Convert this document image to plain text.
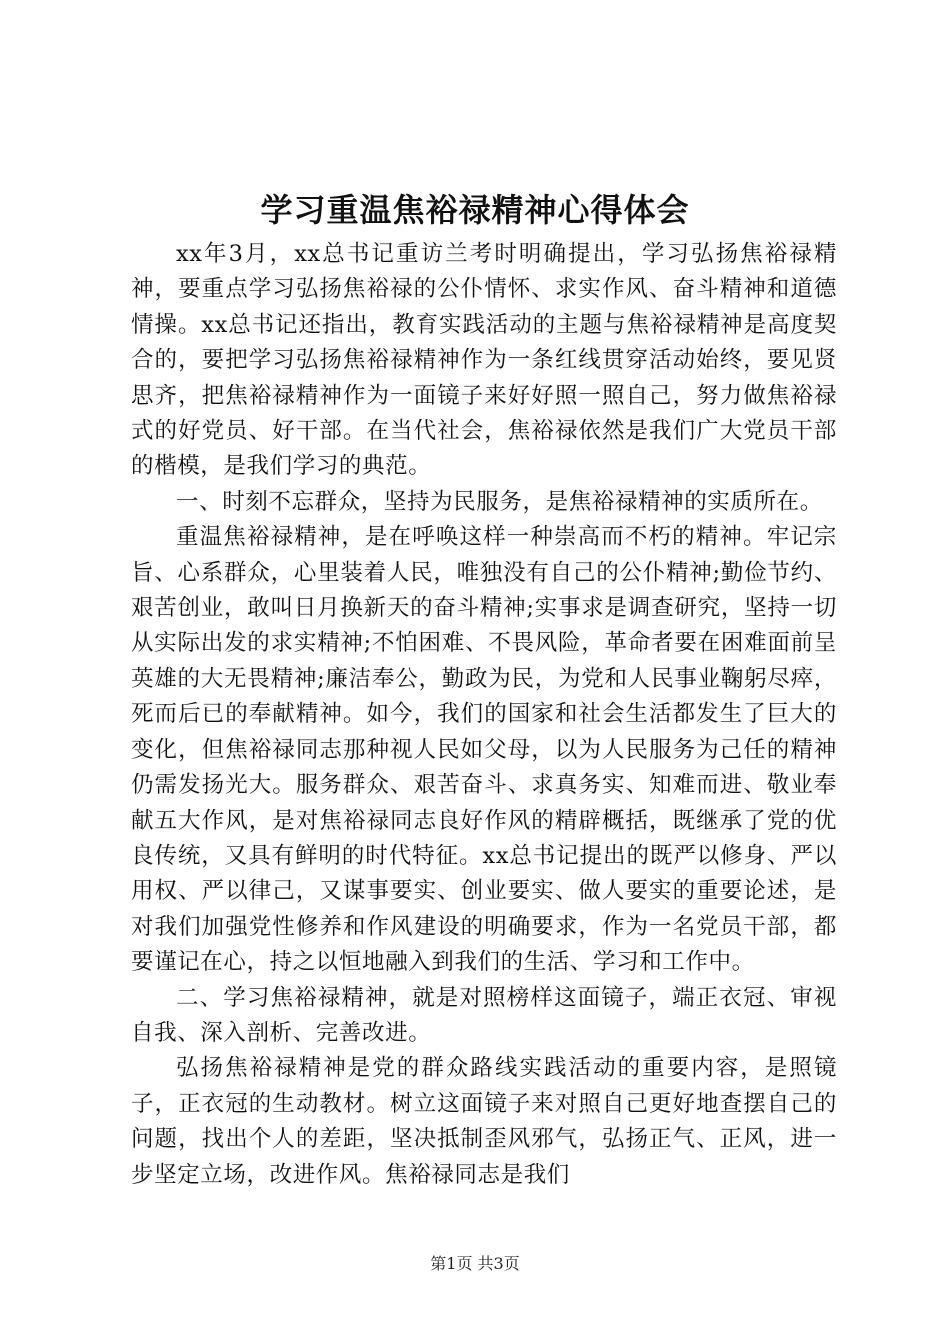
学习重温焦裕禄精神心得体会

xx年3月，xx总书记重访兰考时明确提出，学习弘扬焦裕禄精神，要重点学习弘扬焦裕禄的公仆情怀、求实作风、奋斗精神和道德情操。xx总书记还指出，教育实践活动的主题与焦裕禄精神是高度契合的，要把学习弘扬焦裕禄精神作为一条红线贯穿活动始终，要见贤思齐，把焦裕禄精神作为一面镜子来好好照一照自己，努力做焦裕禄式的好党员、好干部。在当代社会，焦裕禄依然是我们广大党员干部的楷模，是我们学习的典范。

一、时刻不忘群众，坚持为民服务，是焦裕禄精神的实质所在。

重温焦裕禄精神，是在呼唤这样一种崇高而不朽的精神。牢记宗旨、心系群众，心里装着人民，唯独没有自己的公仆精神;勤俭节约、艰苦创业，敢叫日月换新天的奋斗精神;实事求是调查研究，坚持一切从实际出发的求实精神;不怕困难、不畏风险，革命者要在困难面前呈英雄的大无畏精神;廉洁奉公，勤政为民，为党和人民事业鞠躬尽瘁，死而后已的奉献精神。如今，我们的国家和社会生活都发生了巨大的变化，但焦裕禄同志那种视人民如父母，以为人民服务为己任的精神仍需发扬光大。服务群众、艰苦奋斗、求真务实、知难而进、敬业奉献五大作风，是对焦裕禄同志良好作风的精辟概括，既继承了党的优良传统，又具有鲜明的时代特征。xx总书记提出的既严以修身、严以用权、严以律己，又谋事要实、创业要实、做人要实的重要论述，是对我们加强党性修养和作风建设的明确要求，作为一名党员干部，都要谨记在心，持之以恒地融入到我们的生活、学习和工作中。

二、学习焦裕禄精神，就是对照榜样这面镜子，端正衣冠、审视自我、深入剖析、完善改进。

弘扬焦裕禄精神是党的群众路线实践活动的重要内容，是照镜子，正衣冠的生动教材。树立这面镜子来对照自己更好地查摆自己的问题，找出个人的差距，坚决抵制歪风邪气，弘扬正气、正风，进一步坚定立场，改进作风。焦裕禄同志是我们

第1页 共3页
